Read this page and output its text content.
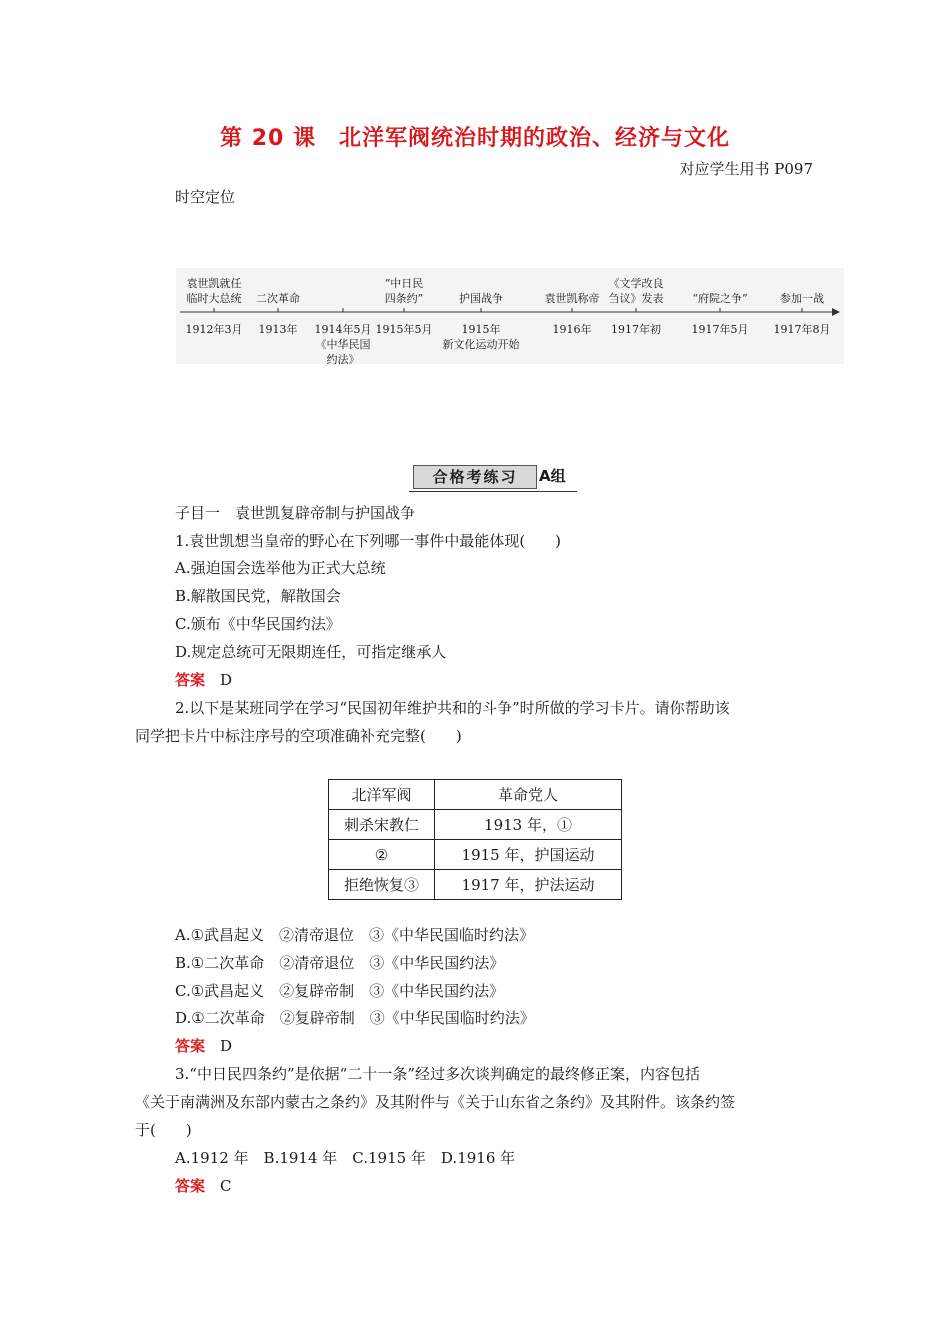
第 20 课　北洋军阀统治时期的政治、经济与文化
对应学生用书 P097
时空定位
袁世凯就任
临时大总统
1912年3月
二次革命
1913年 1914年5月
《中华民国
约法》
“中日民
四条约”
1915年5月
护国战争
1915年
新文化运动开始
袁世凯称帝
1916年
《文学改良
刍议》发表
1917年初
“府院之争”
1917年5月
参加一战
1917年8月
合格考练习	A组
子目一　袁世凯复辟帝制与护国战争
1.袁世凯想当皇帝的野心在下列哪一事件中最能体现(　　)
A.强迫国会选举他为正式大总统
B.解散国民党，解散国会
C.颁布《中华民国约法》
D.规定总统可无限期连任，可指定继承人
答案　 D
2.以下是某班同学在学习“民国初年维护共和的斗争”时所做的学习卡片。请你帮助该
同学把卡片中标注序号的空项准确补充完整(　　)
北洋军阀	革命党人
刺杀宋教仁	1913 年，①
②	1915 年，护国运动
拒绝恢复③	1917 年，护法运动
A.①武昌起义　②清帝退位　③《中华民国临时约法》
B.①二次革命　②清帝退位　③《中华民国约法》
C.①武昌起义　②复辟帝制　③《中华民国约法》
D.①二次革命　②复辟帝制　③《中华民国临时约法》
答案　 D
3.“中日民四条约”是依据“二十一条”经过多次谈判确定的最终修正案，内容包括
《关于南满洲及东部内蒙古之条约》及其附件与《关于山东省之条约》及其附件。该条约签
于(　　)
A.1912 年　B.1914 年　C.1915 年　D.1916 年
答案　 C
